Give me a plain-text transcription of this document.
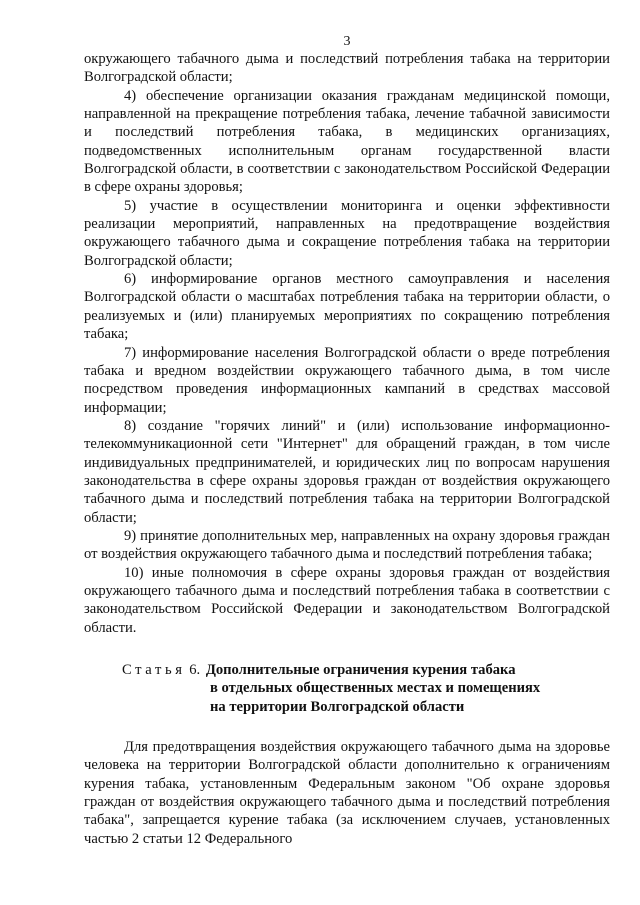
3

окружающего табачного дыма и последствий потребления табака на территории Волгоградской области;

4) обеспечение организации оказания гражданам медицинской помощи, направленной на прекращение потребления табака, лечение табачной зависимости и последствий потребления табака, в медицинских организациях, подведомственных исполнительным органам государственной власти Волгоградской области, в соответствии с законодательством Российской Федерации в сфере охраны здоровья;

5) участие в осуществлении мониторинга и оценки эффективности реализации мероприятий, направленных на предотвращение воздействия окружающего табачного дыма и сокращение потребления табака на территории Волгоградской области;

6) информирование органов местного самоуправления и населения Волгоградской области о масштабах потребления табака на территории области, о реализуемых и (или) планируемых мероприятиях по сокращению потребления табака;

7) информирование населения Волгоградской области о вреде потребления табака и вредном воздействии окружающего табачного дыма, в том числе посредством проведения информационных кампаний в средствах массовой информации;

8) создание "горячих линий" и (или) использование информационно-телекоммуникационной сети "Интернет" для обращений граждан, в том числе индивидуальных предпринимателей, и юридических лиц по вопросам нарушения законодательства в сфере охраны здоровья граждан от воздействия окружающего табачного дыма и последствий потребления табака на территории Волгоградской области;

9) принятие дополнительных мер, направленных на охрану здоровья граждан от воздействия окружающего табачного дыма и последствий потребления табака;

10) иные полномочия в сфере охраны здоровья граждан от воздействия окружающего табачного дыма и последствий потребления табака в соответствии с законодательством Российской Федерации и законодательством Волгоградской области.

Статья 6. Дополнительные ограничения курения табака
в отдельных общественных местах и помещениях
на территории Волгоградской области

Для предотвращения воздействия окружающего табачного дыма на здоровье человека на территории Волгоградской области дополнительно к ограничениям курения табака, установленным Федеральным законом "Об охране здоровья граждан от воздействия окружающего табачного дыма и последствий потребления табака", запрещается курение табака (за исключением случаев, установленных частью 2 статьи 12 Федерального
